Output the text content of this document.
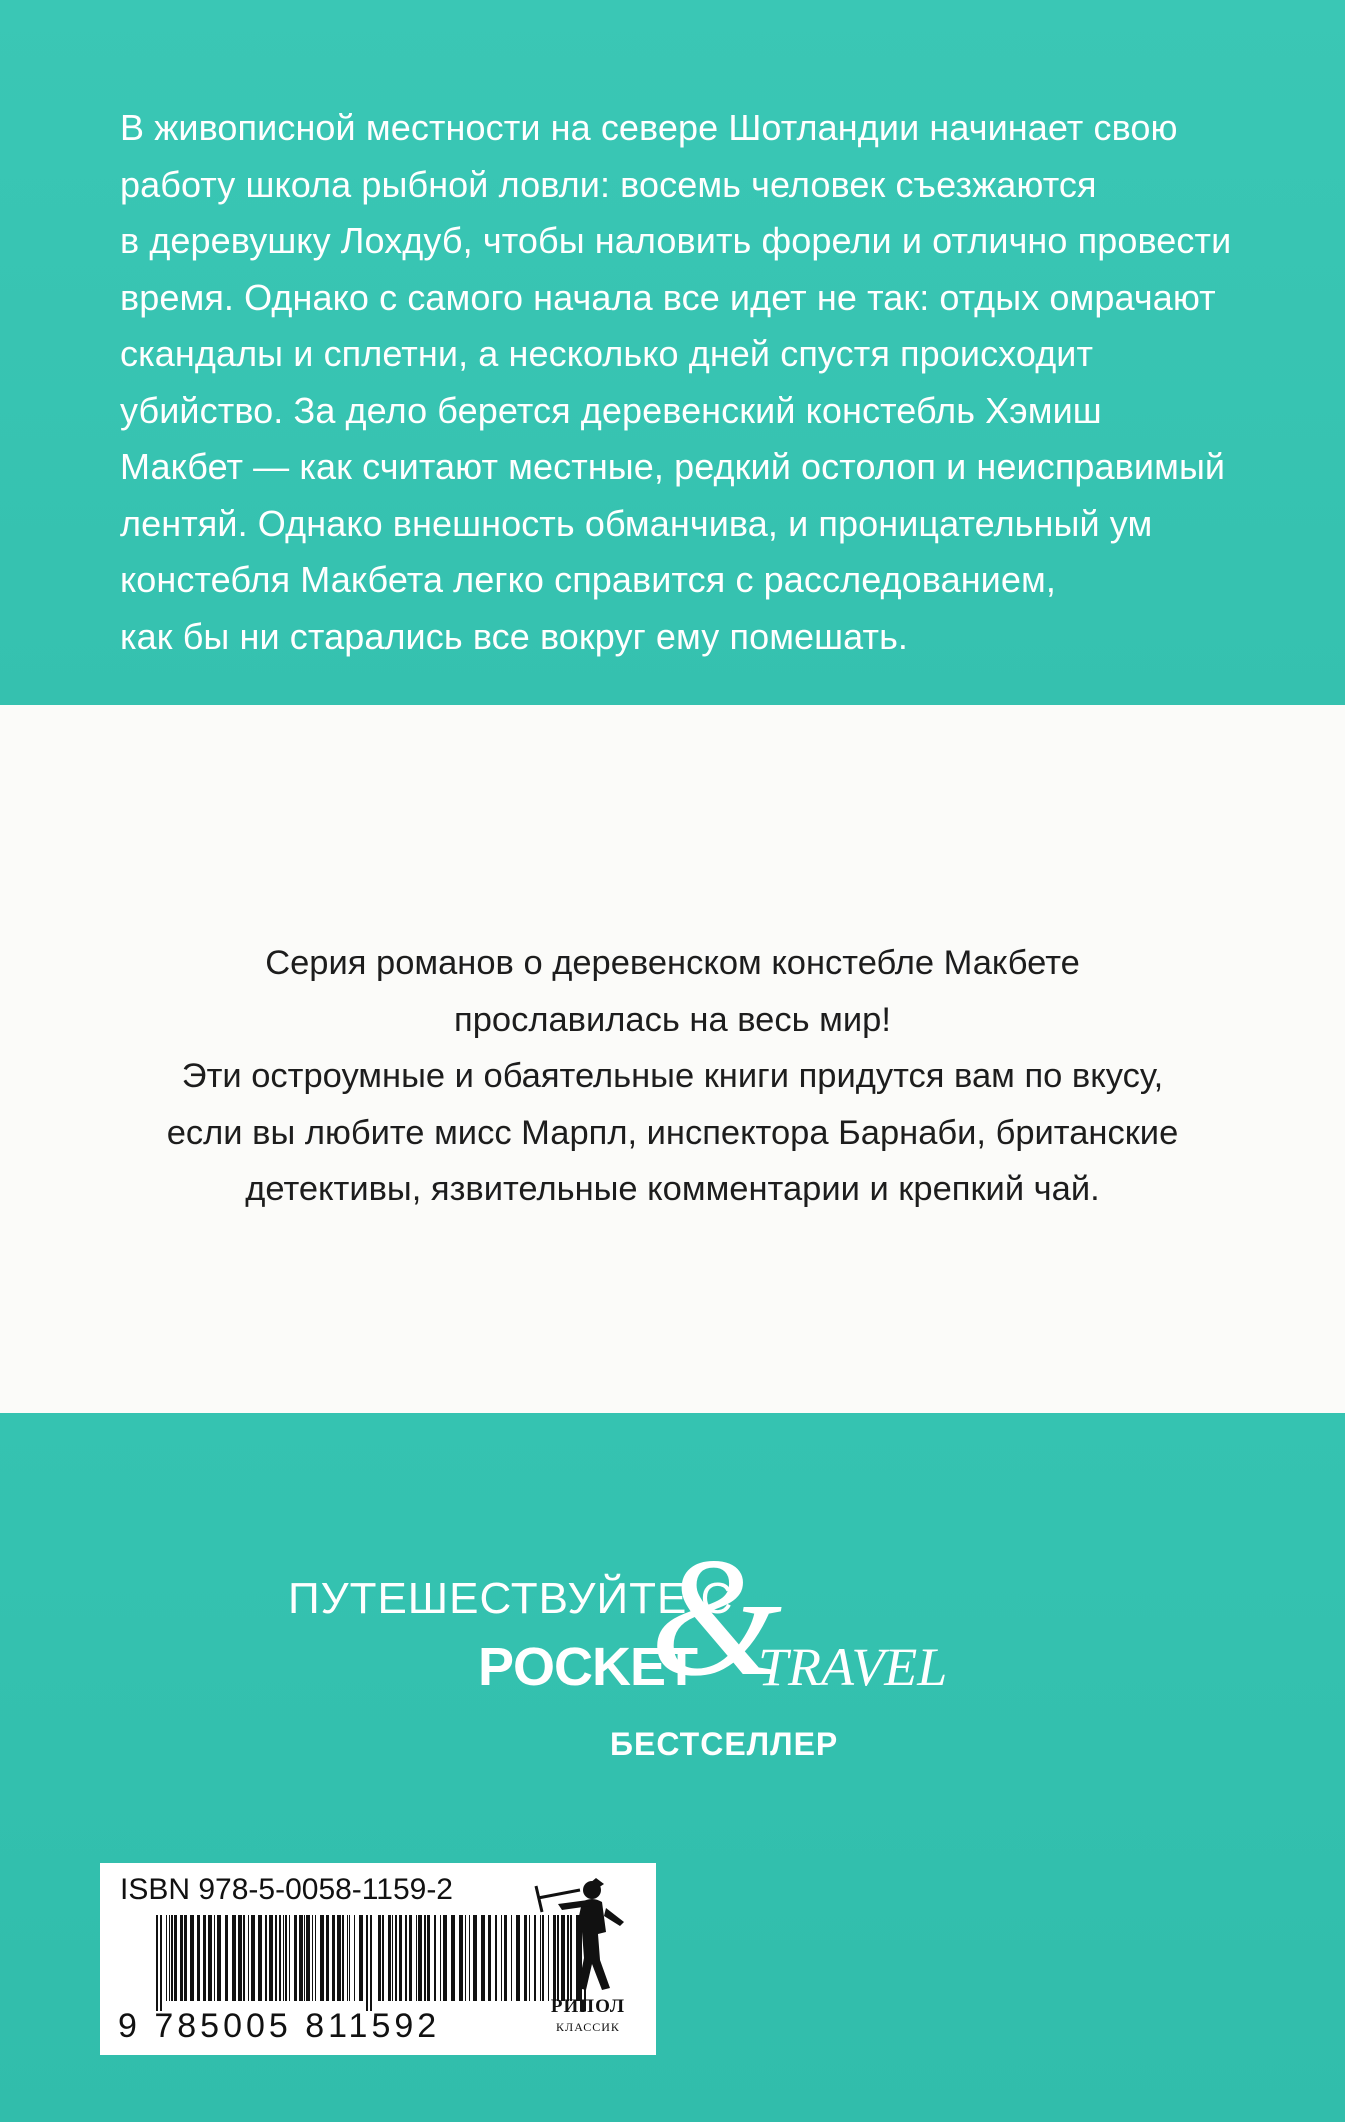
В живописной местности на севере Шотландии начинает свою
работу школа рыбной ловли: восемь человек съезжаются
в деревушку Лохдуб, чтобы наловить форели и отлично провести
время. Однако с самого начала все идет не так: отдых омрачают
скандалы и сплетни, а несколько дней спустя происходит
убийство. За дело берется деревенский констебль Хэмиш
Макбет — как считают местные, редкий остолоп и неисправимый
лентяй. Однако внешность обманчива, и проницательный ум
констебля Макбета легко справится с расследованием,
как бы ни старались все вокруг ему помешать.
Серия романов о деревенском констебле Макбете
прославилась на весь мир!
Эти остроумные и обаятельные книги придутся вам по вкусу,
если вы любите мисс Марпл, инспектора Барнаби, британские
детективы, язвительные комментарии и крепкий чай.
ПУТЕШЕСТВУЙТЕ С
&
POCKET TRAVEL
БЕСТСЕЛЛЕР
ISBN 978-5-0058-1159-2
9 785005 811592
РИПОЛ
КЛАССИК
